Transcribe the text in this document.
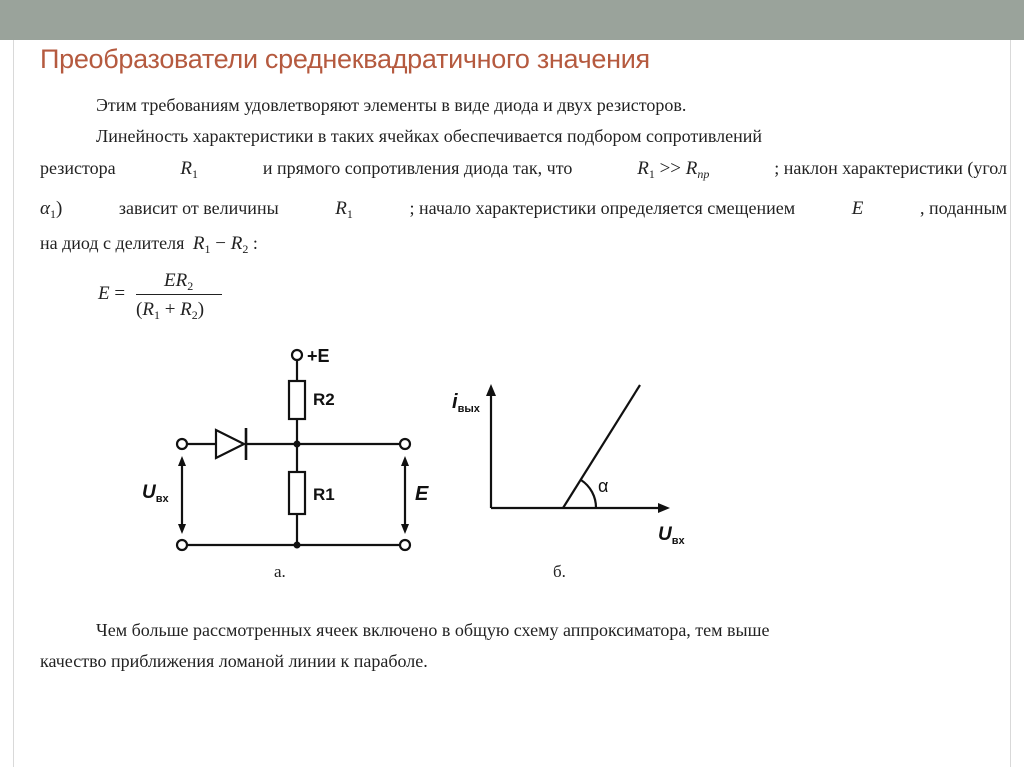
Преобразователи среднеквадратичного значения
Этим требованиям удовлетворяют элементы в виде диода и двух резисторов.
Линейность характеристики в таких ячейках обеспечивается подбором сопротивлений
резистора	$R_1$	и прямого сопротивления диода так, что	$R_1 >> R_{пр}$	; наклон характеристики (угол
$\alpha_1$)	зависит от величины	$R_1$	; начало характеристики определяется смещением	E	, поданным
на диод с делителя $R_1 - R_2$ :
E =
$ER_2$
$(R_1 + R_2)$
+E
R2
R1
$U_{вх}$	E
а.
$i_{вых}$
$U_{вх}$
α
б.
Чем больше рассмотренных ячеек включено в общую схему аппроксиматора, тем выше
качество приближения ломаной линии к параболе.
